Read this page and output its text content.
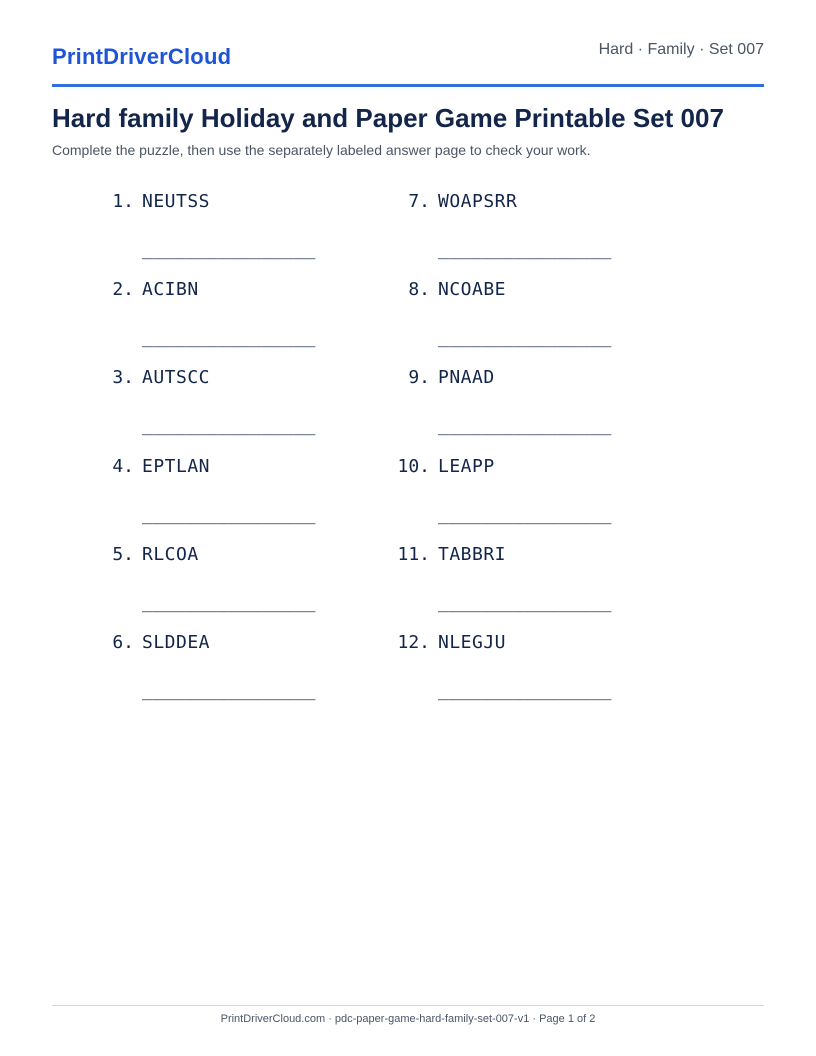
PrintDriverCloud	Hard · Family · Set 007
Hard family Holiday and Paper Game Printable Set 007

Complete the puzzle, then use the separately labeled answer page to check your work.

1. NEUTSS
________________
2. ACIBN
________________
3. AUTSCC
________________
4. EPTLAN
________________
5. RLCOA
________________
6. SLDDEA
________________
7. WOAPSRR
________________
8. NCOABE
________________
9. PNAAD
________________
10. LEAPP
________________
11. TABBRI
________________
12. NLEGJU
________________
PrintDriverCloud.com · pdc-paper-game-hard-family-set-007-v1 · Page 1 of 2
